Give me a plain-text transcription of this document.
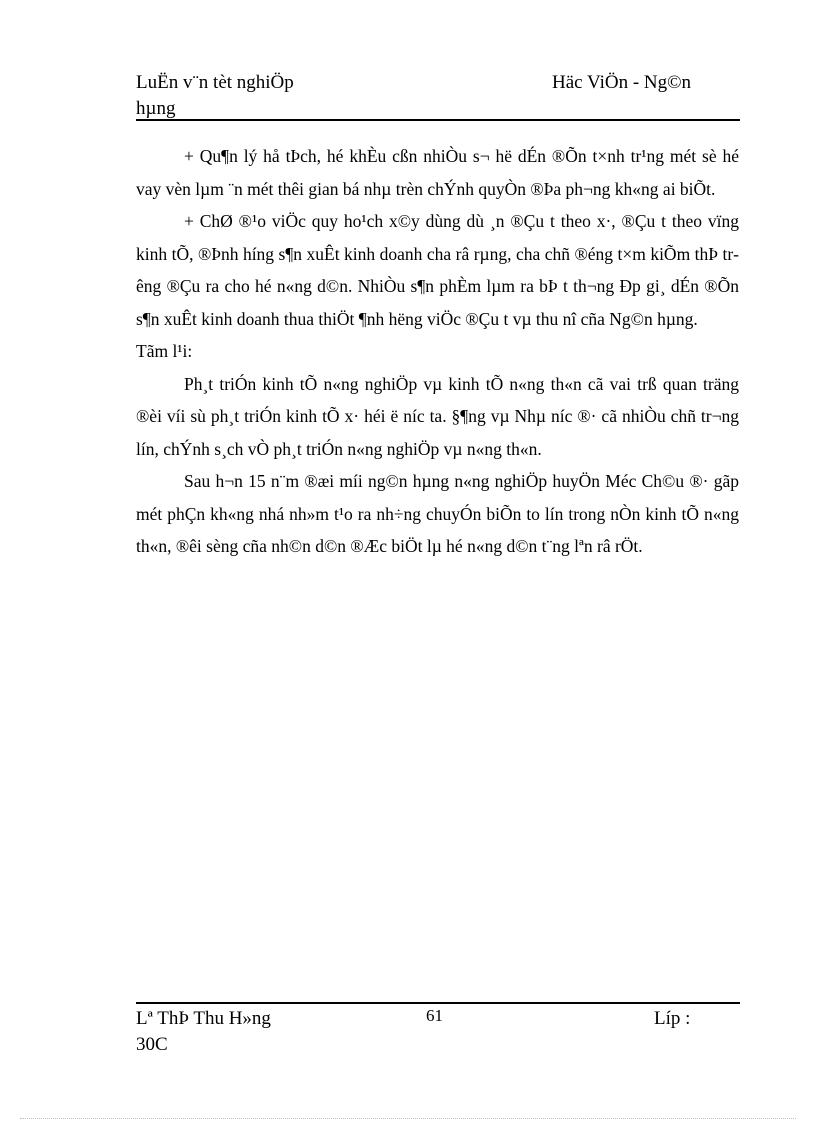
LuËn v¨n tèt nghiÖp
hµng
Häc ViÖn - Ng©n

+ Qu¶n lý hå tÞch, hé khÈu cßn nhiÒu s¬ hë dÉn ®Õn t×nh tr¹ng mét sè hé vay vèn lµm ¨n mét thêi gian bá nhµ trèn chÝnh quyÒn ®Þa ph¬ng kh«ng ai biÕt.

+ ChØ ®¹o viÖc quy ho¹ch x©y dùng dù ¸n ®Çu t theo x·, ®Çu t theo vïng kinh tÕ, ®Þnh híng s¶n xuÊt kinh doanh cha râ rµng, cha chñ ®éng t×m kiÕm thÞ trêng ®Çu ra cho hé n«ng d©n. NhiÒu s¶n phÈm lµm ra bÞ t th¬ng Ðp gi¸ dÉn ®Õn s¶n xuÊt kinh doanh thua thiÖt ¶nh hëng viÖc ®Çu t vµ thu nî cña Ng©n hµng.

Tãm l¹i:

Ph¸t triÓn kinh tÕ n«ng nghiÖp vµ kinh tÕ n«ng th«n cã vai trß quan träng ®èi víi sù ph¸t triÓn kinh tÕ x· héi ë níc ta. §¶ng vµ Nhµ níc ®· cã nhiÒu chñ tr¬ng lín, chÝnh s¸ch vÒ ph¸t triÓn n«ng nghiÖp vµ n«ng th«n.

Sau h¬n 15 n¨m ®æi míi ng©n hµng n«ng nghiÖp huyÖn Méc Ch©u ®· gãp mét phÇn kh«ng nhá nh»m t¹o ra nh÷ng chuyÓn biÕn to lín trong nÒn kinh tÕ n«ng th«n, ®êi sèng cña nh©n d©n ®Æc biÖt lµ hé n«ng d©n t¨ng lªn râ rÖt.

Lª ThÞ Thu H»ng
30C
61	Líp :
